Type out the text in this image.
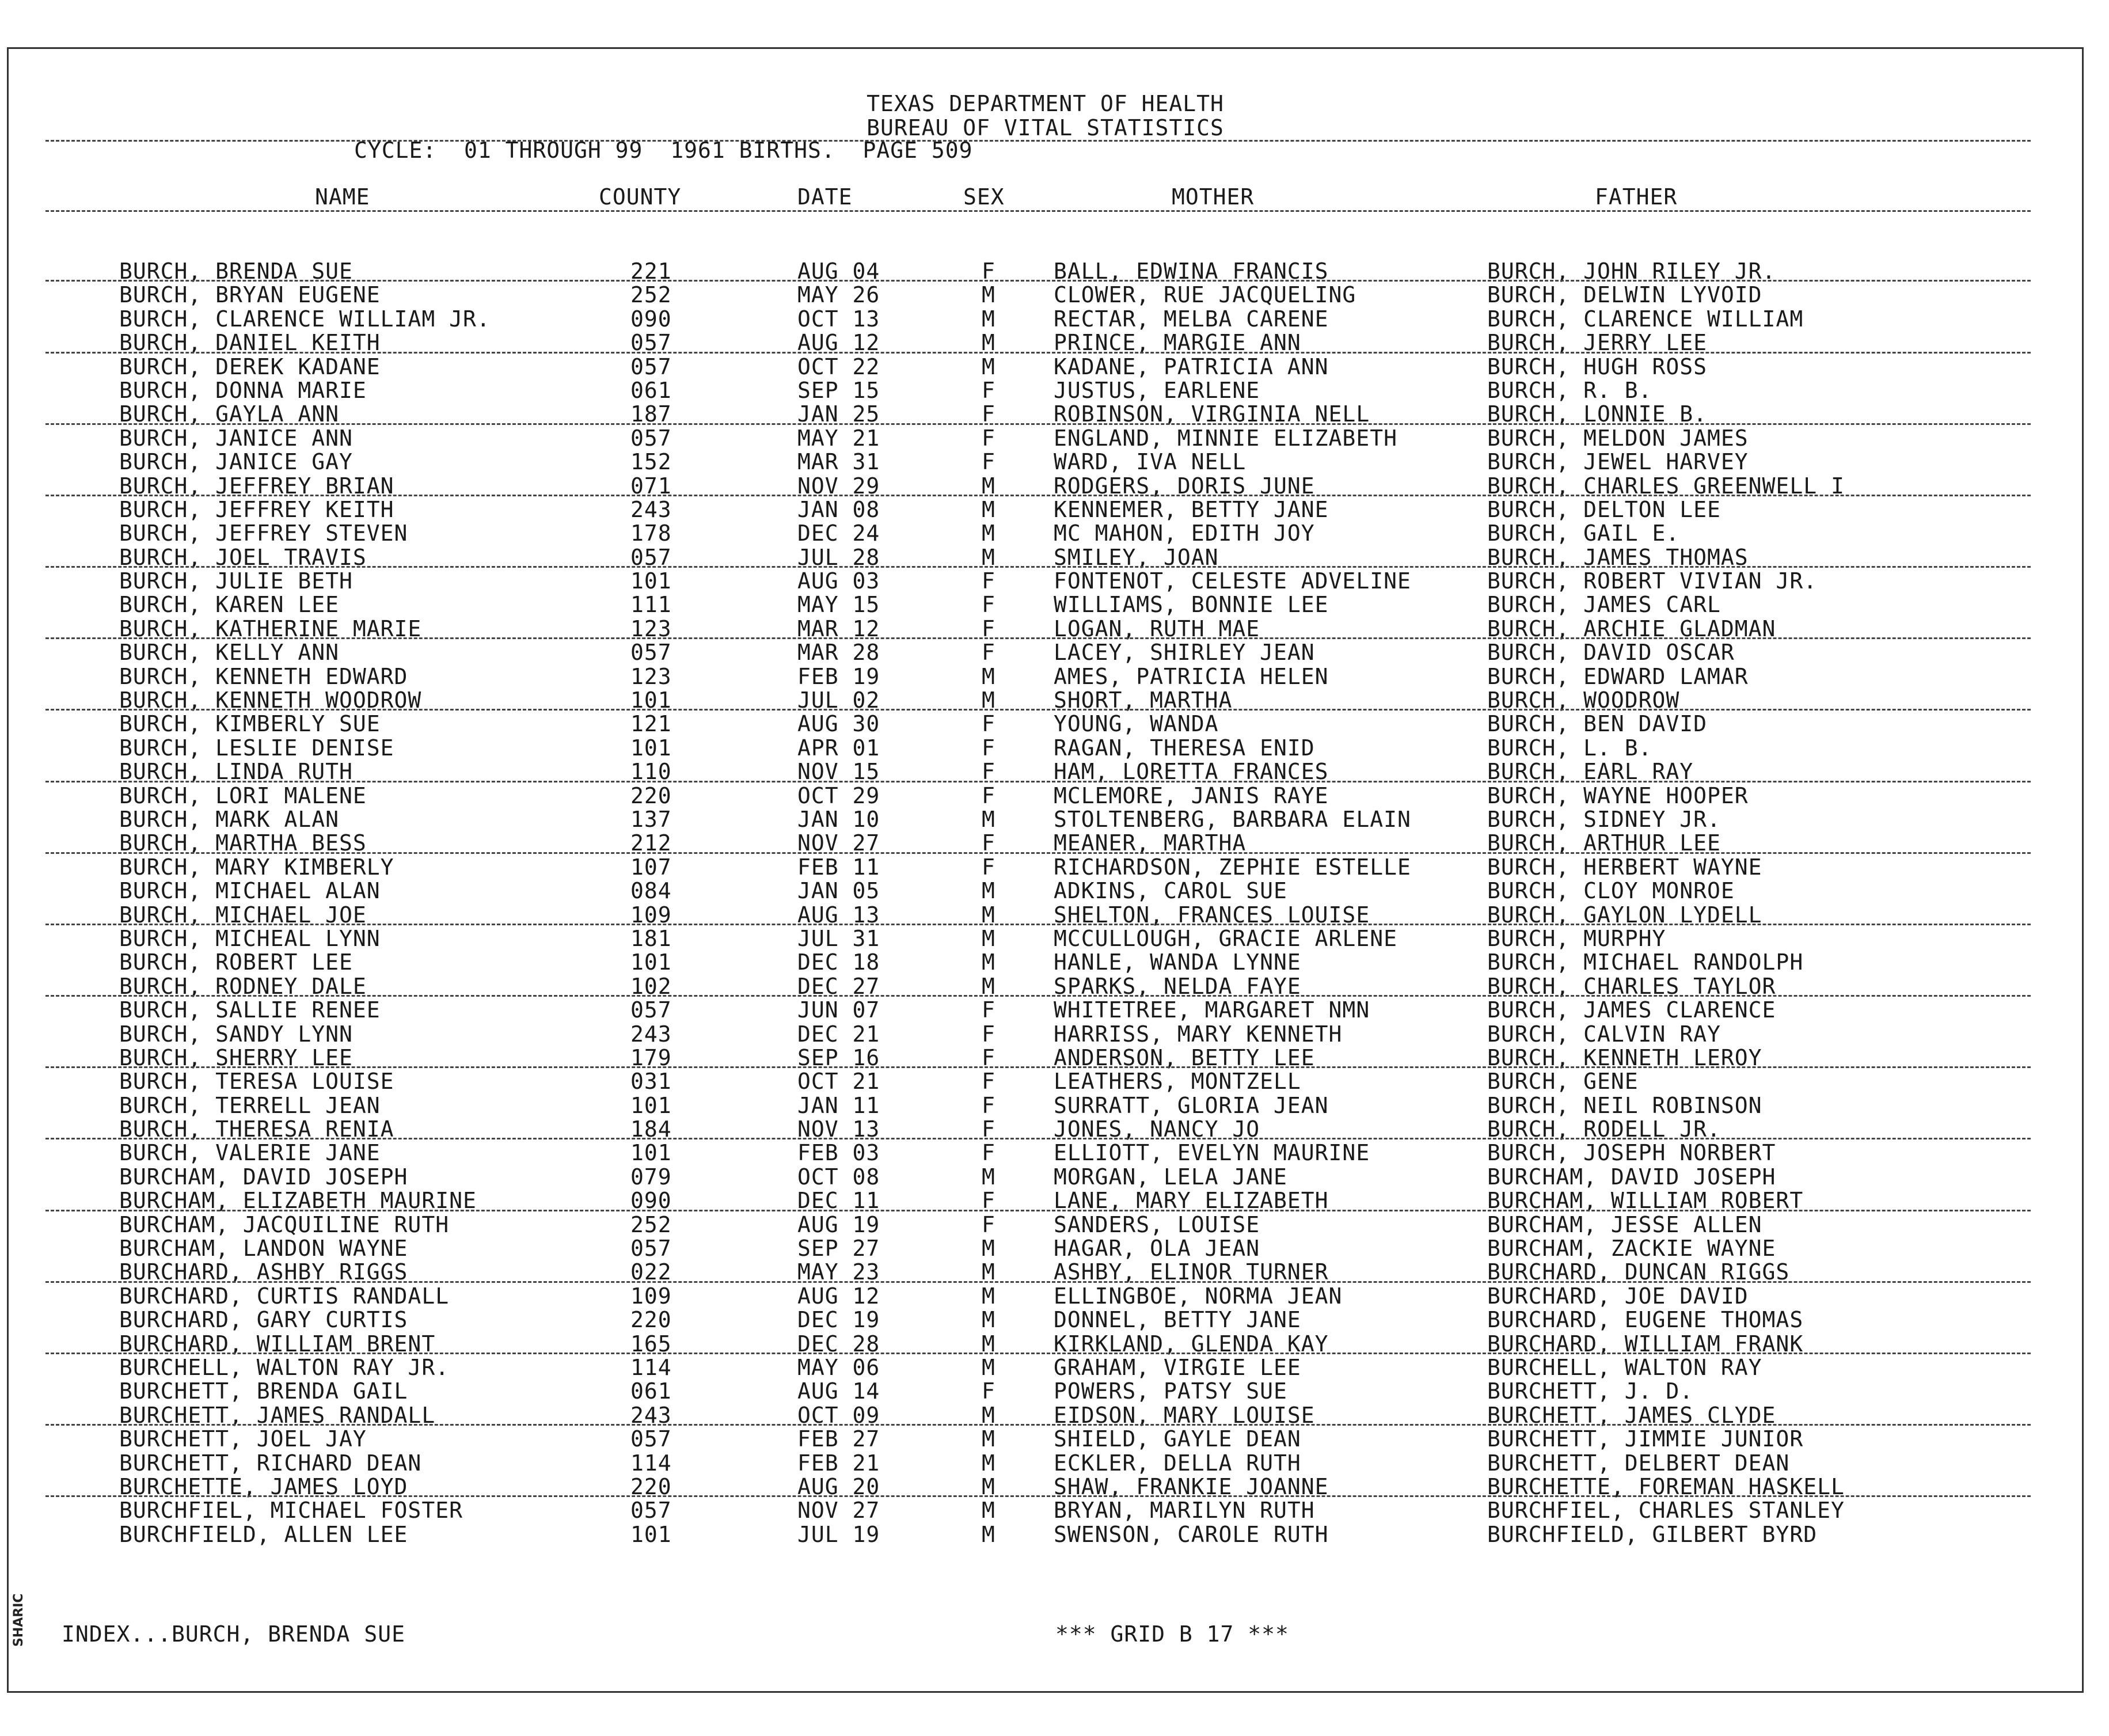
TEXAS DEPARTMENT OF HEALTH
BUREAU OF VITAL STATISTICS
CYCLE:  01 THROUGH 99  1961 BIRTHS.  PAGE 509
NAME	COUNTY	DATE	SEX	MOTHER	FATHER
BURCH, BRENDA SUE	221	AUG 04	F	BALL, EDWINA FRANCIS	BURCH, JOHN RILEY JR.
BURCH, BRYAN EUGENE	252	MAY 26	M	CLOWER, RUE JACQUELING	BURCH, DELWIN LYVOID
BURCH, CLARENCE WILLIAM JR.	090	OCT 13	M	RECTAR, MELBA CARENE	BURCH, CLARENCE WILLIAM
BURCH, DANIEL KEITH	057	AUG 12	M	PRINCE, MARGIE ANN	BURCH, JERRY LEE
BURCH, DEREK KADANE	057	OCT 22	M	KADANE, PATRICIA ANN	BURCH, HUGH ROSS
BURCH, DONNA MARIE	061	SEP 15	F	JUSTUS, EARLENE	BURCH, R. B.
BURCH, GAYLA ANN	187	JAN 25	F	ROBINSON, VIRGINIA NELL	BURCH, LONNIE B.
BURCH, JANICE ANN	057	MAY 21	F	ENGLAND, MINNIE ELIZABETH	BURCH, MELDON JAMES
BURCH, JANICE GAY	152	MAR 31	F	WARD, IVA NELL	BURCH, JEWEL HARVEY
BURCH, JEFFREY BRIAN	071	NOV 29	M	RODGERS, DORIS JUNE	BURCH, CHARLES GREENWELL I
BURCH, JEFFREY KEITH	243	JAN 08	M	KENNEMER, BETTY JANE	BURCH, DELTON LEE
BURCH, JEFFREY STEVEN	178	DEC 24	M	MC MAHON, EDITH JOY	BURCH, GAIL E.
BURCH, JOEL TRAVIS	057	JUL 28	M	SMILEY, JOAN	BURCH, JAMES THOMAS
BURCH, JULIE BETH	101	AUG 03	F	FONTENOT, CELESTE ADVELINE	BURCH, ROBERT VIVIAN JR.
BURCH, KAREN LEE	111	MAY 15	F	WILLIAMS, BONNIE LEE	BURCH, JAMES CARL
BURCH, KATHERINE MARIE	123	MAR 12	F	LOGAN, RUTH MAE	BURCH, ARCHIE GLADMAN
BURCH, KELLY ANN	057	MAR 28	F	LACEY, SHIRLEY JEAN	BURCH, DAVID OSCAR
BURCH, KENNETH EDWARD	123	FEB 19	M	AMES, PATRICIA HELEN	BURCH, EDWARD LAMAR
BURCH, KENNETH WOODROW	101	JUL 02	M	SHORT, MARTHA	BURCH, WOODROW
BURCH, KIMBERLY SUE	121	AUG 30	F	YOUNG, WANDA	BURCH, BEN DAVID
BURCH, LESLIE DENISE	101	APR 01	F	RAGAN, THERESA ENID	BURCH, L. B.
BURCH, LINDA RUTH	110	NOV 15	F	HAM, LORETTA FRANCES	BURCH, EARL RAY
BURCH, LORI MALENE	220	OCT 29	F	MCLEMORE, JANIS RAYE	BURCH, WAYNE HOOPER
BURCH, MARK ALAN	137	JAN 10	M	STOLTENBERG, BARBARA ELAIN	BURCH, SIDNEY JR.
BURCH, MARTHA BESS	212	NOV 27	F	MEANER, MARTHA	BURCH, ARTHUR LEE
BURCH, MARY KIMBERLY	107	FEB 11	F	RICHARDSON, ZEPHIE ESTELLE	BURCH, HERBERT WAYNE
BURCH, MICHAEL ALAN	084	JAN 05	M	ADKINS, CAROL SUE	BURCH, CLOY MONROE
BURCH, MICHAEL JOE	109	AUG 13	M	SHELTON, FRANCES LOUISE	BURCH, GAYLON LYDELL
BURCH, MICHEAL LYNN	181	JUL 31	M	MCCULLOUGH, GRACIE ARLENE	BURCH, MURPHY
BURCH, ROBERT LEE	101	DEC 18	M	HANLE, WANDA LYNNE	BURCH, MICHAEL RANDOLPH
BURCH, RODNEY DALE	102	DEC 27	M	SPARKS, NELDA FAYE	BURCH, CHARLES TAYLOR
BURCH, SALLIE RENEE	057	JUN 07	F	WHITETREE, MARGARET NMN	BURCH, JAMES CLARENCE
BURCH, SANDY LYNN	243	DEC 21	F	HARRISS, MARY KENNETH	BURCH, CALVIN RAY
BURCH, SHERRY LEE	179	SEP 16	F	ANDERSON, BETTY LEE	BURCH, KENNETH LEROY
BURCH, TERESA LOUISE	031	OCT 21	F	LEATHERS, MONTZELL	BURCH, GENE
BURCH, TERRELL JEAN	101	JAN 11	F	SURRATT, GLORIA JEAN	BURCH, NEIL ROBINSON
BURCH, THERESA RENIA	184	NOV 13	F	JONES, NANCY JO	BURCH, RODELL JR.
BURCH, VALERIE JANE	101	FEB 03	F	ELLIOTT, EVELYN MAURINE	BURCH, JOSEPH NORBERT
BURCHAM, DAVID JOSEPH	079	OCT 08	M	MORGAN, LELA JANE	BURCHAM, DAVID JOSEPH
BURCHAM, ELIZABETH MAURINE	090	DEC 11	F	LANE, MARY ELIZABETH	BURCHAM, WILLIAM ROBERT
BURCHAM, JACQUILINE RUTH	252	AUG 19	F	SANDERS, LOUISE	BURCHAM, JESSE ALLEN
BURCHAM, LANDON WAYNE	057	SEP 27	M	HAGAR, OLA JEAN	BURCHAM, ZACKIE WAYNE
BURCHARD, ASHBY RIGGS	022	MAY 23	M	ASHBY, ELINOR TURNER	BURCHARD, DUNCAN RIGGS
BURCHARD, CURTIS RANDALL	109	AUG 12	M	ELLINGBOE, NORMA JEAN	BURCHARD, JOE DAVID
BURCHARD, GARY CURTIS	220	DEC 19	M	DONNEL, BETTY JANE	BURCHARD, EUGENE THOMAS
BURCHARD, WILLIAM BRENT	165	DEC 28	M	KIRKLAND, GLENDA KAY	BURCHARD, WILLIAM FRANK
BURCHELL, WALTON RAY JR.	114	MAY 06	M	GRAHAM, VIRGIE LEE	BURCHELL, WALTON RAY
BURCHETT, BRENDA GAIL	061	AUG 14	F	POWERS, PATSY SUE	BURCHETT, J. D.
BURCHETT, JAMES RANDALL	243	OCT 09	M	EIDSON, MARY LOUISE	BURCHETT, JAMES CLYDE
BURCHETT, JOEL JAY	057	FEB 27	M	SHIELD, GAYLE DEAN	BURCHETT, JIMMIE JUNIOR
BURCHETT, RICHARD DEAN	114	FEB 21	M	ECKLER, DELLA RUTH	BURCHETT, DELBERT DEAN
BURCHETTE, JAMES LOYD	220	AUG 20	M	SHAW, FRANKIE JOANNE	BURCHETTE, FOREMAN HASKELL
BURCHFIEL, MICHAEL FOSTER	057	NOV 27	M	BRYAN, MARILYN RUTH	BURCHFIEL, CHARLES STANLEY
BURCHFIELD, ALLEN LEE	101	JUL 19	M	SWENSON, CAROLE RUTH	BURCHFIELD, GILBERT BYRD
INDEX...BURCH, BRENDA SUE	*** GRID B 17 ***
SHARIC
